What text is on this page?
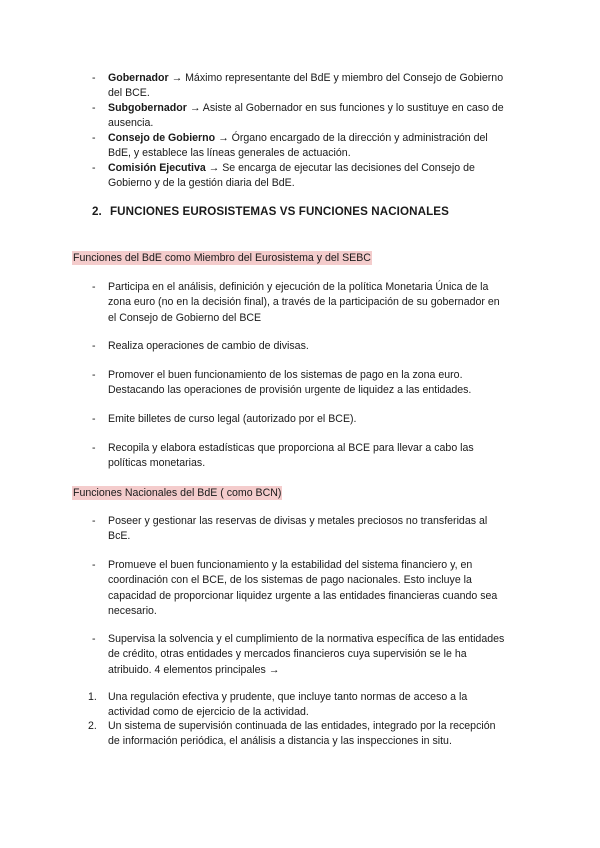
- Gobernador → Máximo representante del BdE y miembro del Consejo de Gobierno
del BCE.
- Subgobernador → Asiste al Gobernador en sus funciones y lo sustituye en caso de
ausencia.
- Consejo de Gobierno → Órgano encargado de la dirección y administración del
BdE, y establece las líneas generales de actuación.
- Comisión Ejecutiva → Se encarga de ejecutar las decisiones del Consejo de
Gobierno y de la gestión diaria del BdE.
2. FUNCIONES EUROSISTEMAS VS FUNCIONES NACIONALES
Funciones del BdE como Miembro del Eurosistema y del SEBC
- Participa en el análisis, definición y ejecución de la política Monetaria Única de la
zona euro (no en la decisión final), a través de la participación de su gobernador en
el Consejo de Gobierno del BCE
- Realiza operaciones de cambio de divisas.
- Promover el buen funcionamiento de los sistemas de pago en la zona euro.
Destacando las operaciones de provisión urgente de liquidez a las entidades.
- Emite billetes de curso legal (autorizado por el BCE).
- Recopila y elabora estadísticas que proporciona al BCE para llevar a cabo las
políticas monetarias.
Funciones Nacionales del BdE ( como BCN)
- Poseer y gestionar las reservas de divisas y metales preciosos no transferidas al
BcE.
- Promueve el buen funcionamiento y la estabilidad del sistema financiero y, en
coordinación con el BCE, de los sistemas de pago nacionales. Esto incluye la
capacidad de proporcionar liquidez urgente a las entidades financieras cuando sea
necesario.
- Supervisa la solvencia y el cumplimiento de la normativa específica de las entidades
de crédito, otras entidades y mercados financieros cuya supervisión se le ha
atribuido. 4 elementos principales →
1. Una regulación efectiva y prudente, que incluye tanto normas de acceso a la
actividad como de ejercicio de la actividad.
2. Un sistema de supervisión continuada de las entidades, integrado por la recepción
de información periódica, el análisis a distancia y las inspecciones in situ.
